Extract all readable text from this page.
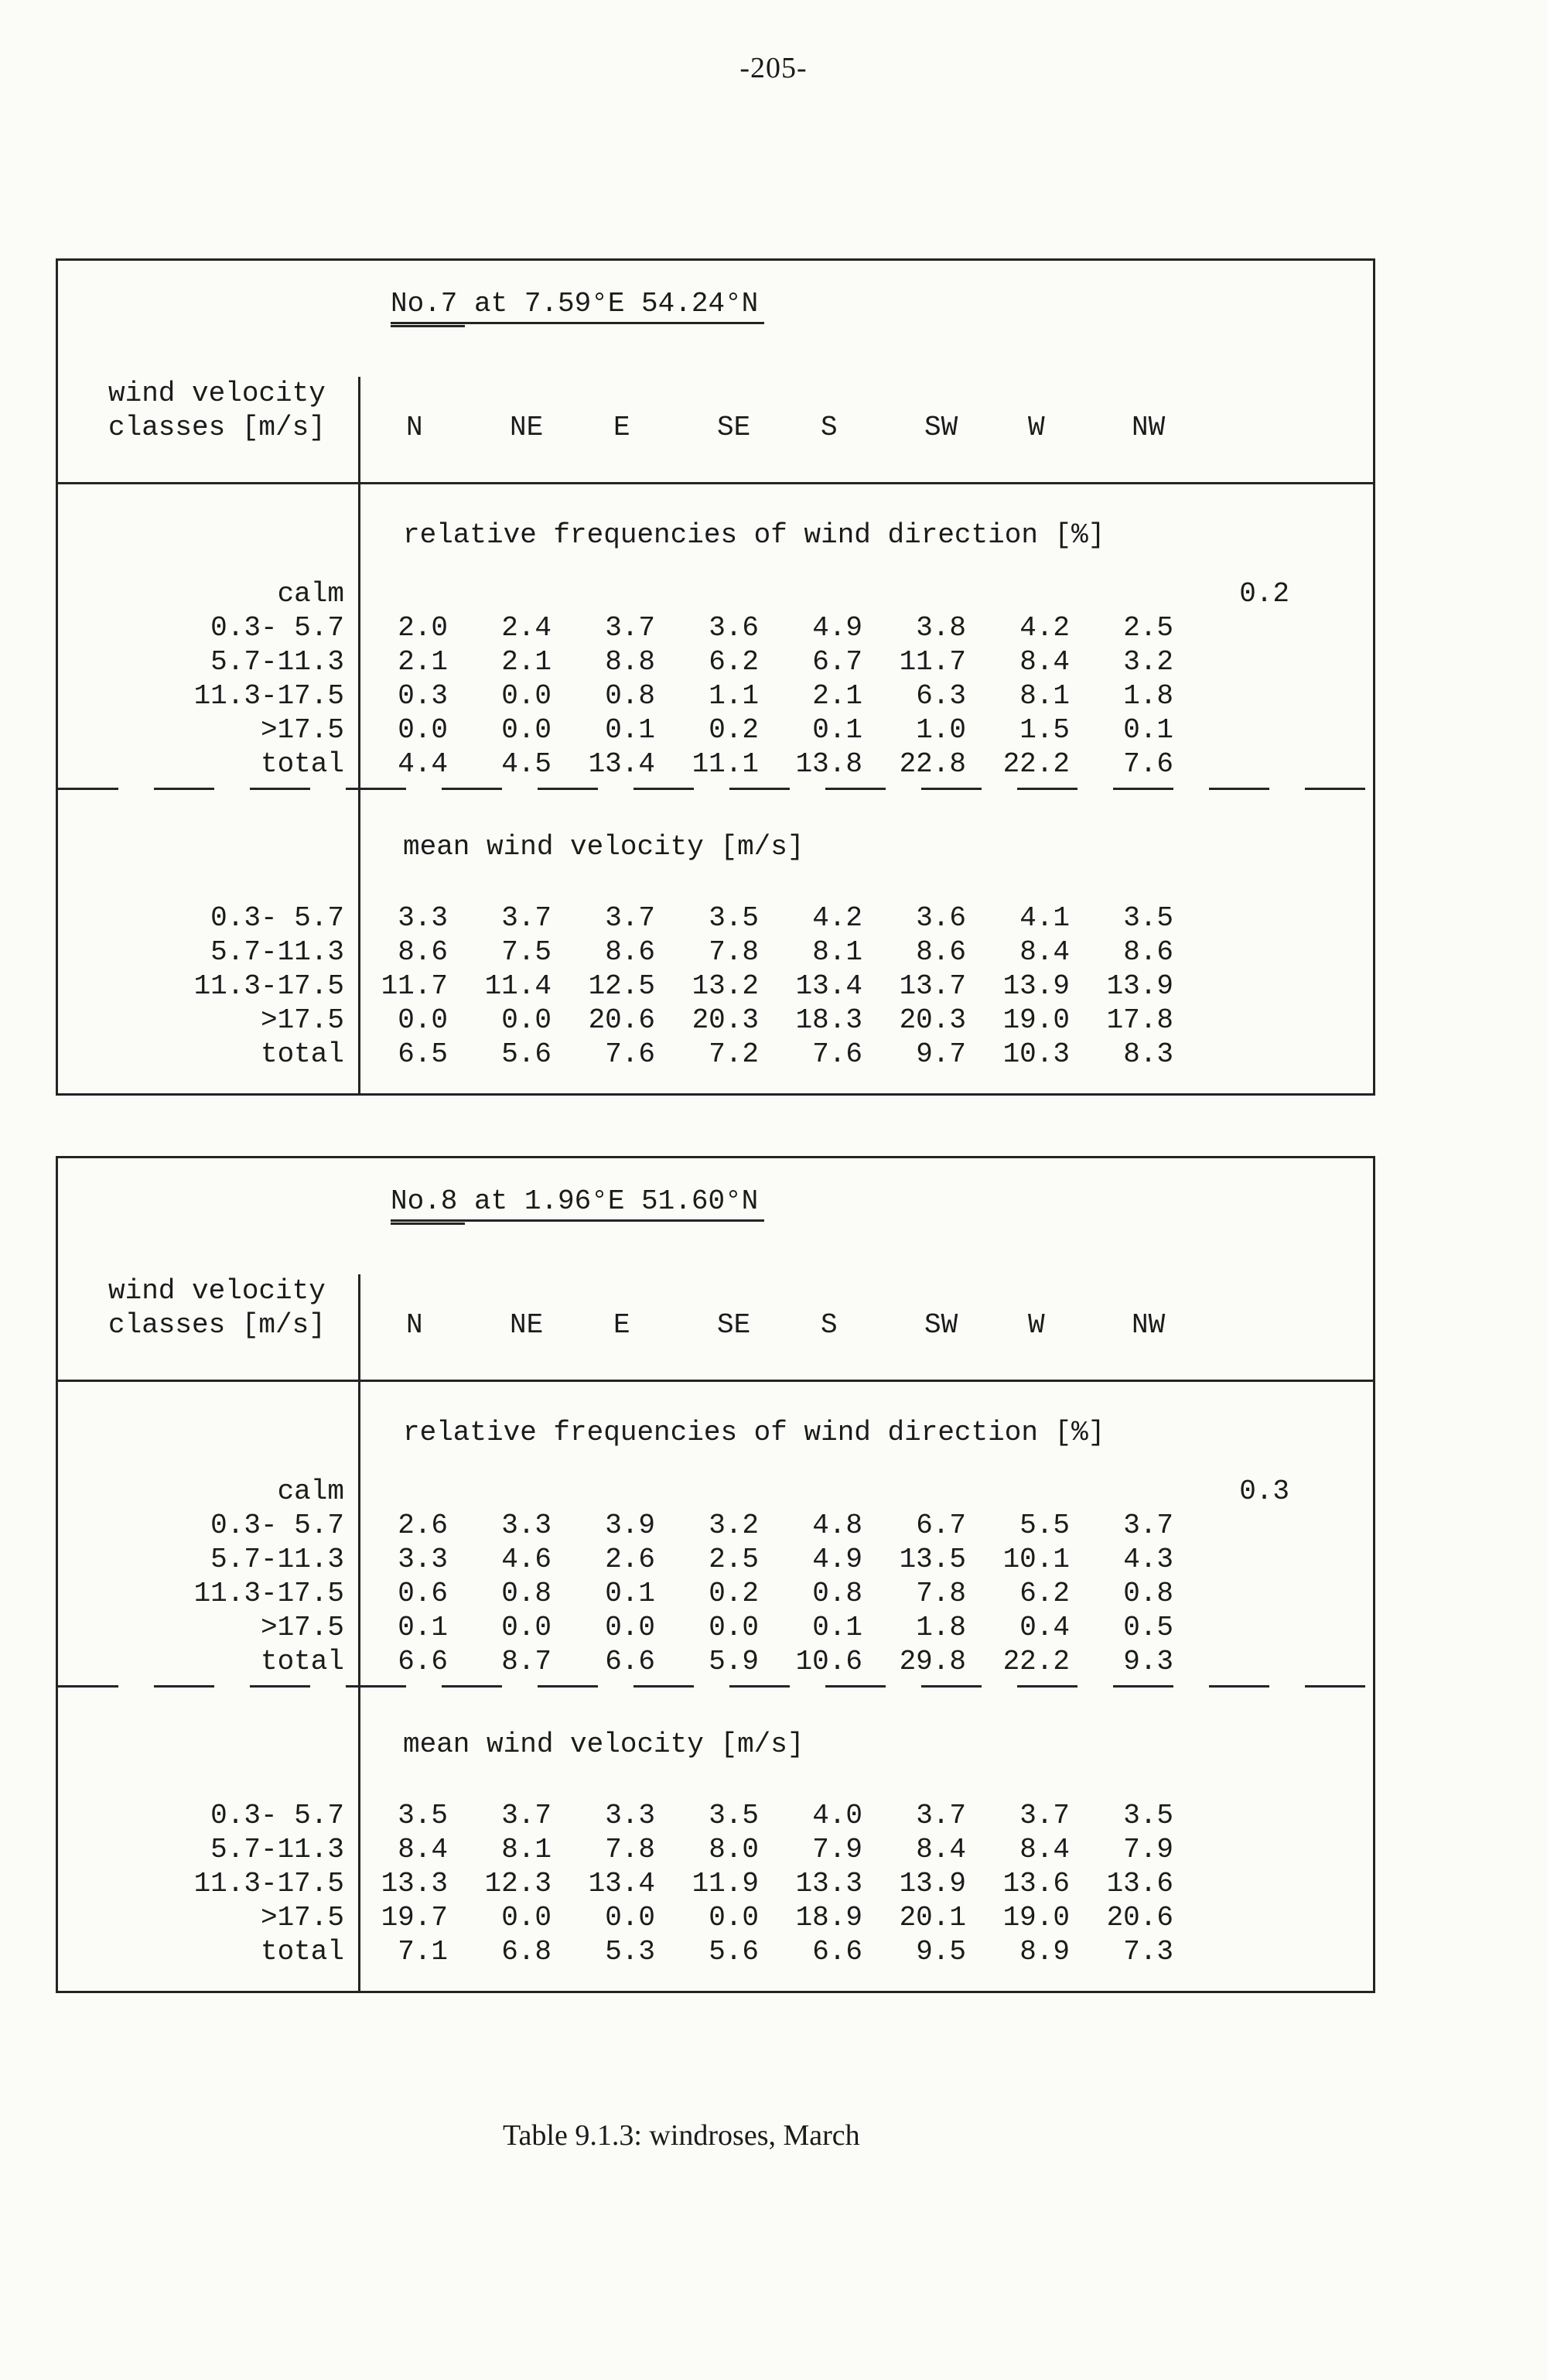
-205-
No.7 at 7.59°E 54.24°N
wind velocity
classes [m/s]	N	NE	E	SE	S	SW	W	NW
relative frequencies of wind direction [%]
calm	0.2
0.3- 5.7	2.0	2.4	3.7	3.6	4.9	3.8	4.2	2.5
5.7-11.3	2.1	2.1	8.8	6.2	6.7	11.7	8.4	3.2
11.3-17.5	0.3	0.0	0.8	1.1	2.1	6.3	8.1	1.8
>17.5	0.0	0.0	0.1	0.2	0.1	1.0	1.5	0.1
total	4.4	4.5	13.4	11.1	13.8	22.8	22.2	7.6
mean wind velocity [m/s]
0.3- 5.7	3.3	3.7	3.7	3.5	4.2	3.6	4.1	3.5
5.7-11.3	8.6	7.5	8.6	7.8	8.1	8.6	8.4	8.6
11.3-17.5	11.7	11.4	12.5	13.2	13.4	13.7	13.9	13.9
>17.5	0.0	0.0	20.6	20.3	18.3	20.3	19.0	17.8
total	6.5	5.6	7.6	7.2	7.6	9.7	10.3	8.3
No.8 at 1.96°E 51.60°N
wind velocity
classes [m/s]	N	NE	E	SE	S	SW	W	NW
relative frequencies of wind direction [%]
calm	0.3
0.3- 5.7	2.6	3.3	3.9	3.2	4.8	6.7	5.5	3.7
5.7-11.3	3.3	4.6	2.6	2.5	4.9	13.5	10.1	4.3
11.3-17.5	0.6	0.8	0.1	0.2	0.8	7.8	6.2	0.8
>17.5	0.1	0.0	0.0	0.0	0.1	1.8	0.4	0.5
total	6.6	8.7	6.6	5.9	10.6	29.8	22.2	9.3
mean wind velocity [m/s]
0.3- 5.7	3.5	3.7	3.3	3.5	4.0	3.7	3.7	3.5
5.7-11.3	8.4	8.1	7.8	8.0	7.9	8.4	8.4	7.9
11.3-17.5	13.3	12.3	13.4	11.9	13.3	13.9	13.6	13.6
>17.5	19.7	0.0	0.0	0.0	18.9	20.1	19.0	20.6
total	7.1	6.8	5.3	5.6	6.6	9.5	8.9	7.3
Table 9.1.3: windroses, March
